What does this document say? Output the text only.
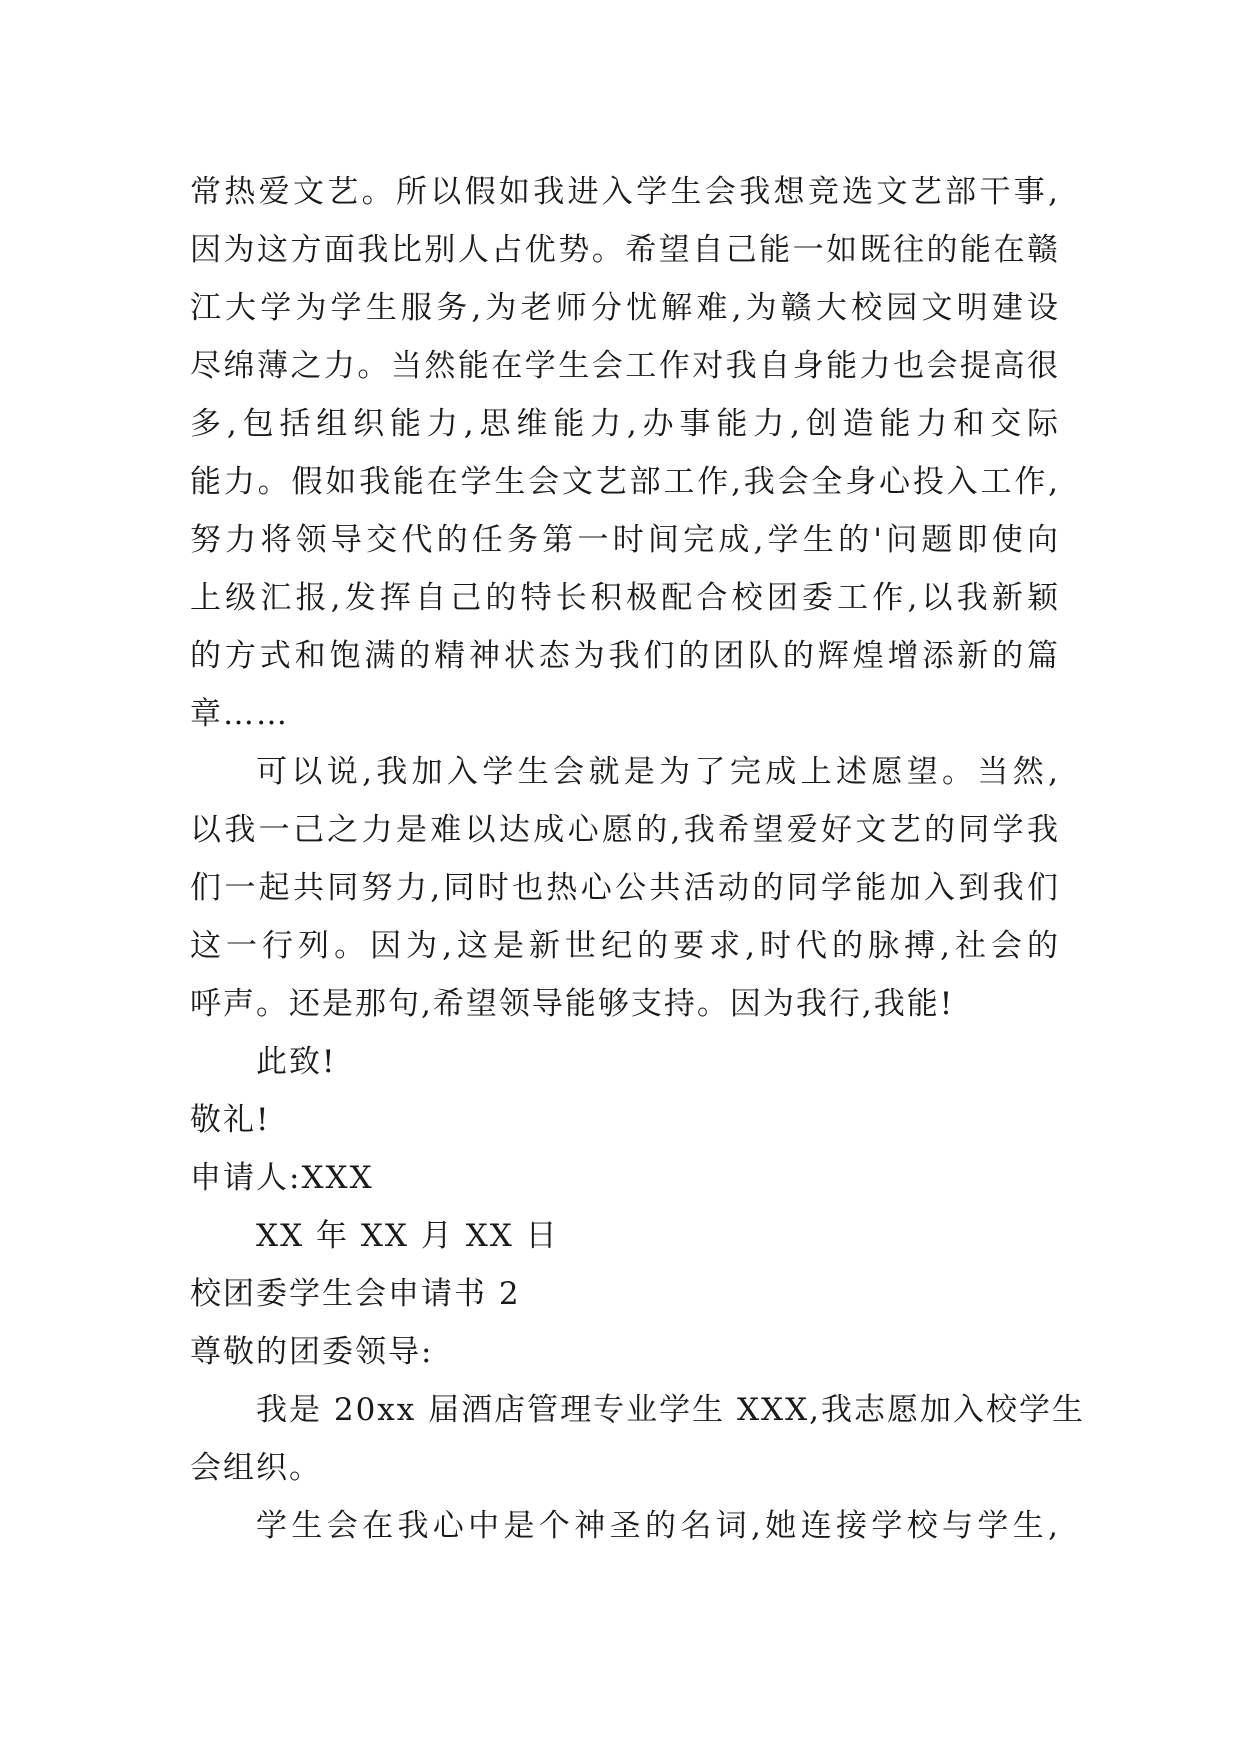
常热爱文艺。所以假如我进入学生会我想竞选文艺部干事,
因为这方面我比别人占优势。希望自己能一如既往的能在赣
江大学为学生服务,为老师分忧解难,为赣大校园文明建设
尽绵薄之力。当然能在学生会工作对我自身能力也会提高很
多,包括组织能力,思维能力,办事能力,创造能力和交际
能力。假如我能在学生会文艺部工作,我会全身心投入工作,
努力将领导交代的任务第一时间完成,学生的'问题即使向
上级汇报,发挥自己的特长积极配合校团委工作,以我新颖
的方式和饱满的精神状态为我们的团队的辉煌增添新的篇
章……
可以说,我加入学生会就是为了完成上述愿望。当然,
以我一己之力是难以达成心愿的,我希望爱好文艺的同学我
们一起共同努力,同时也热心公共活动的同学能加入到我们
这一行列。因为,这是新世纪的要求,时代的脉搏,社会的
呼声。还是那句,希望领导能够支持。因为我行,我能!
此致!
敬礼!
申请人:XXX
XX 年 XX 月 XX 日
校团委学生会申请书 2
尊敬的团委领导:
我是 20xx 届酒店管理专业学生 XXX,我志愿加入校学生
会组织。
学生会在我心中是个神圣的名词,她连接学校与学生,
